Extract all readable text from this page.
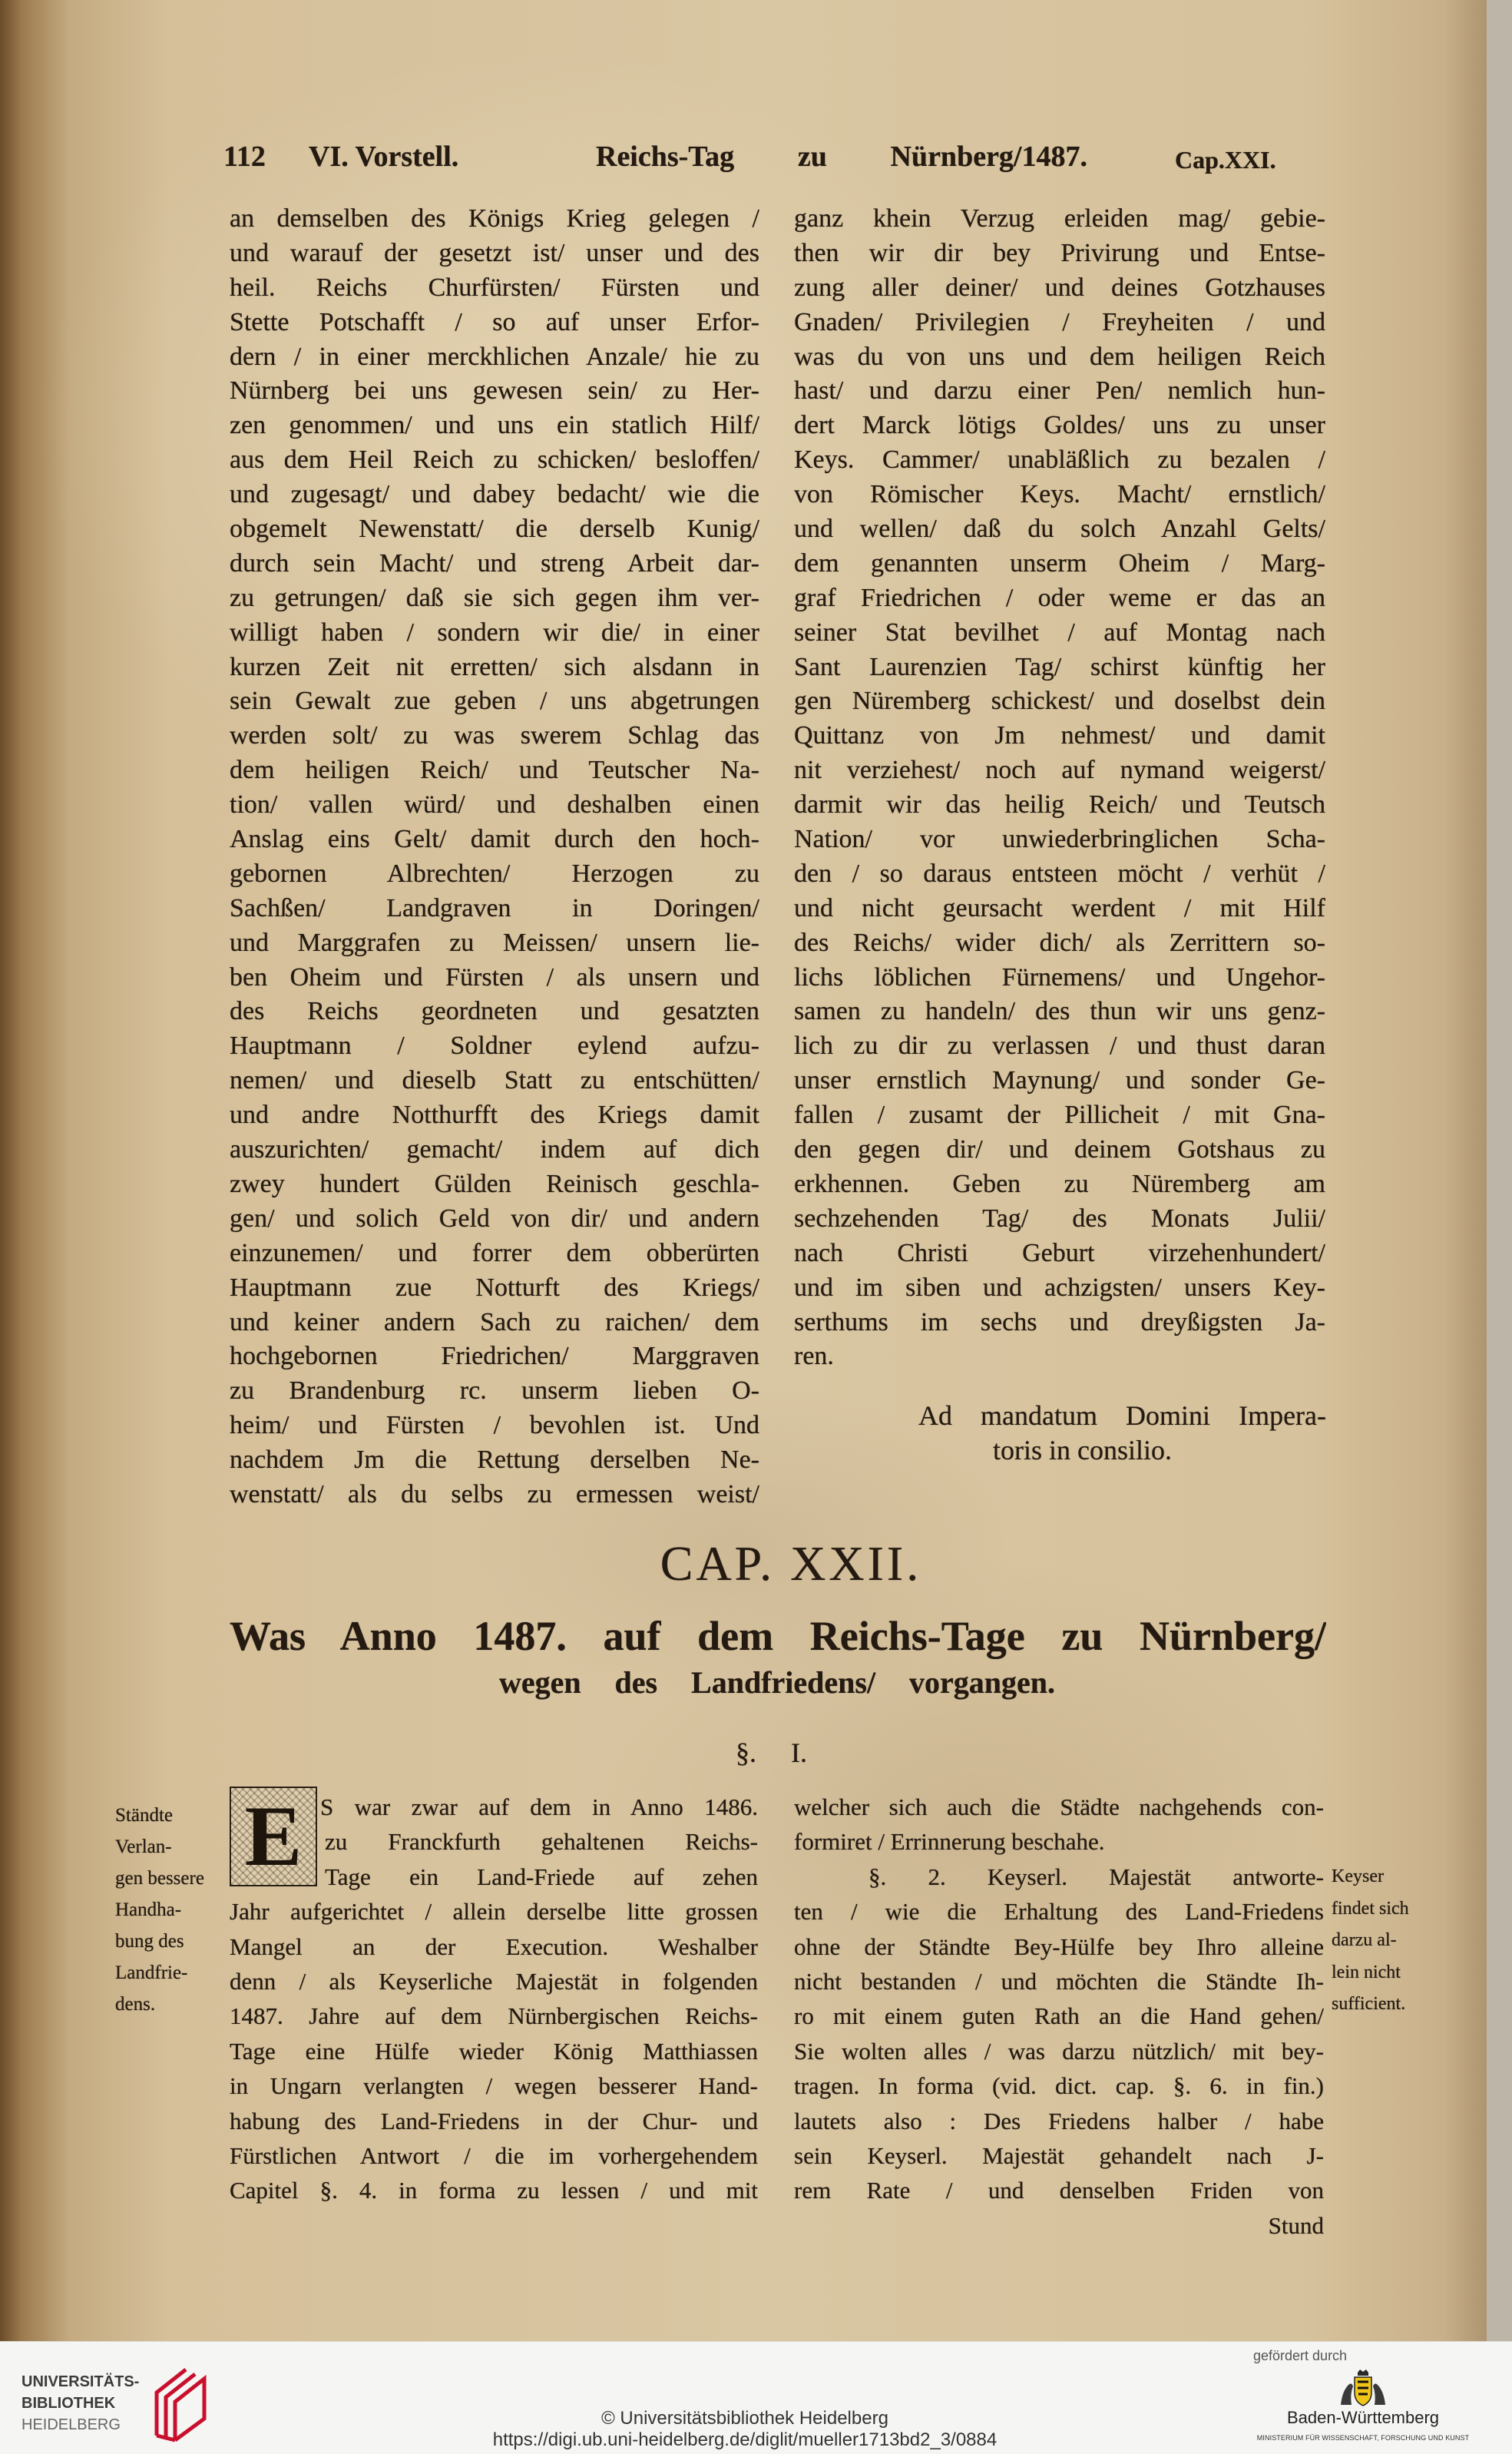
112 VI. Vorstell.	Reichs-Tag zu Nürnberg/1487.	Cap.XXI.
an demselben des Königs Krieg gelegen /
und warauf der gesetzt ist/ unser und des
heil. Reichs Churfürsten/ Fürsten und
Stette Potschafft / so auf unser Erfor-
dern / in einer merckhlichen Anzale/ hie zu
Nürnberg bei uns gewesen sein/ zu Her-
zen genommen/ und uns ein statlich Hilf/
aus dem Heil Reich zu schicken/ besloffen/
und zugesagt/ und dabey bedacht/ wie die
obgemelt Newenstatt/ die derselb Kunig/
durch sein Macht/ und streng Arbeit dar-
zu getrungen/ daß sie sich gegen ihm ver-
willigt haben / sondern wir die/ in einer
kurzen Zeit nit erretten/ sich alsdann in
sein Gewalt zue geben / uns abgetrungen
werden solt/ zu was swerem Schlag das
dem heiligen Reich/ und Teutscher Na-
tion/ vallen würd/ und deshalben einen
Anslag eins Gelt/ damit durch den hoch-
gebornen Albrechten/ Herzogen zu
Sachßen/ Landgraven in Doringen/
und Marggrafen zu Meissen/ unsern lie-
ben Oheim und Fürsten / als unsern und
des Reichs geordneten und gesatzten
Hauptmann / Soldner eylend aufzu-
nemen/ und dieselb Statt zu entschütten/
und andre Notthurfft des Kriegs damit
auszurichten/ gemacht/ indem auf dich
zwey hundert Gülden Reinisch geschla-
gen/ und solich Geld von dir/ und andern
einzunemen/ und forrer dem obberürten
Hauptmann zue Notturft des Kriegs/
und keiner andern Sach zu raichen/ dem
hochgebornen Friedrichen/ Marggraven
zu Brandenburg rc. unserm lieben O-
heim/ und Fürsten / bevohlen ist. Und
nachdem Jm die Rettung derselben Ne-
wenstatt/ als du selbs zu ermessen weist/
ganz khein Verzug erleiden mag/ gebie-
then wir dir bey Privirung und Entse-
zung aller deiner/ und deines Gotzhauses
Gnaden/ Privilegien / Freyheiten / und
was du von uns und dem heiligen Reich
hast/ und darzu einer Pen/ nemlich hun-
dert Marck lötigs Goldes/ uns zu unser
Keys. Cammer/ unabläßlich zu bezalen /
von Römischer Keys. Macht/ ernstlich/
und wellen/ daß du solch Anzahl Gelts/
dem genannten unserm Oheim / Marg-
graf Friedrichen / oder weme er das an
seiner Stat bevilhet / auf Montag nach
Sant Laurenzien Tag/ schirst künftig her
gen Nüremberg schickest/ und doselbst dein
Quittanz von Jm nehmest/ und damit
nit verziehest/ noch auf nymand weigerst/
darmit wir das heilig Reich/ und Teutsch
Nation/ vor unwiederbringlichen Scha-
den / so daraus entsteen möcht / verhüt /
und nicht geursacht werdent / mit Hilf
des Reichs/ wider dich/ als Zerrittern so-
lichs löblichen Fürnemens/ und Ungehor-
samen zu handeln/ des thun wir uns genz-
lich zu dir zu verlassen / und thust daran
unser ernstlich Maynung/ und sonder Ge-
fallen / zusamt der Pillicheit / mit Gna-
den gegen dir/ und deinem Gotshaus zu
erkhennen. Geben zu Nüremberg am
sechzehenden Tag/ des Monats Julii/
nach Christi Geburt virzehenhundert/
und im siben und achzigsten/ unsers Key-
serthums im sechs und dreyßigsten Ja-
ren.
Ad mandatum Domini Impera-
toris in consilio.
CAP. XXII.
Was Anno 1487. auf dem Reichs-Tage zu Nürnberg/
wegen des Landfriedens/ vorgangen.
§. I.
Ständte
Verlan-
gen bessere
Handha-
bung des
Landfrie-
dens.
E S war zwar auf dem in Anno 1486.
zu Franckfurth gehaltenen Reichs-
Tage ein Land-Friede auf zehen
Jahr aufgerichtet / allein derselbe litte grossen
Mangel an der Execution. Weshalber
denn / als Keyserliche Majestät in folgenden
1487. Jahre auf dem Nürnbergischen Reichs-
Tage eine Hülfe wieder König Matthiassen
in Ungarn verlangten / wegen besserer Hand-
habung des Land-Friedens in der Chur- und
Fürstlichen Antwort / die im vorhergehendem
Capitel §. 4. in forma zu lessen / und mit
welcher sich auch die Städte nachgehends con-
formiret / Errinnerung beschahe.
§. 2. Keyserl. Majestät antworte-
ten / wie die Erhaltung des Land-Friedens
ohne der Ständte Bey-Hülfe bey Ihro alleine
nicht bestanden / und möchten die Ständte Ih-
ro mit einem guten Rath an die Hand gehen/
Sie wolten alles / was darzu nützlich/ mit bey-
tragen. In forma (vid. dict. cap. §. 6. in fin.)
lautets also : Des Friedens halber / habe
sein Keyserl. Majestät gehandelt nach J-
rem Rate / und denselben Friden von
Stund
Keyser
findet sich
darzu al-
lein nicht
sufficient.
UNIVERSITÄTS-
BIBLIOTHEK
HEIDELBERG	© Universitätsbibliothek Heidelberg
https://digi.ub.uni-heidelberg.de/diglit/mueller1713bd2_3/0884
gefördert durch
Baden-Württemberg
MINISTERIUM FÜR WISSENSCHAFT, FORSCHUNG UND KUNST
